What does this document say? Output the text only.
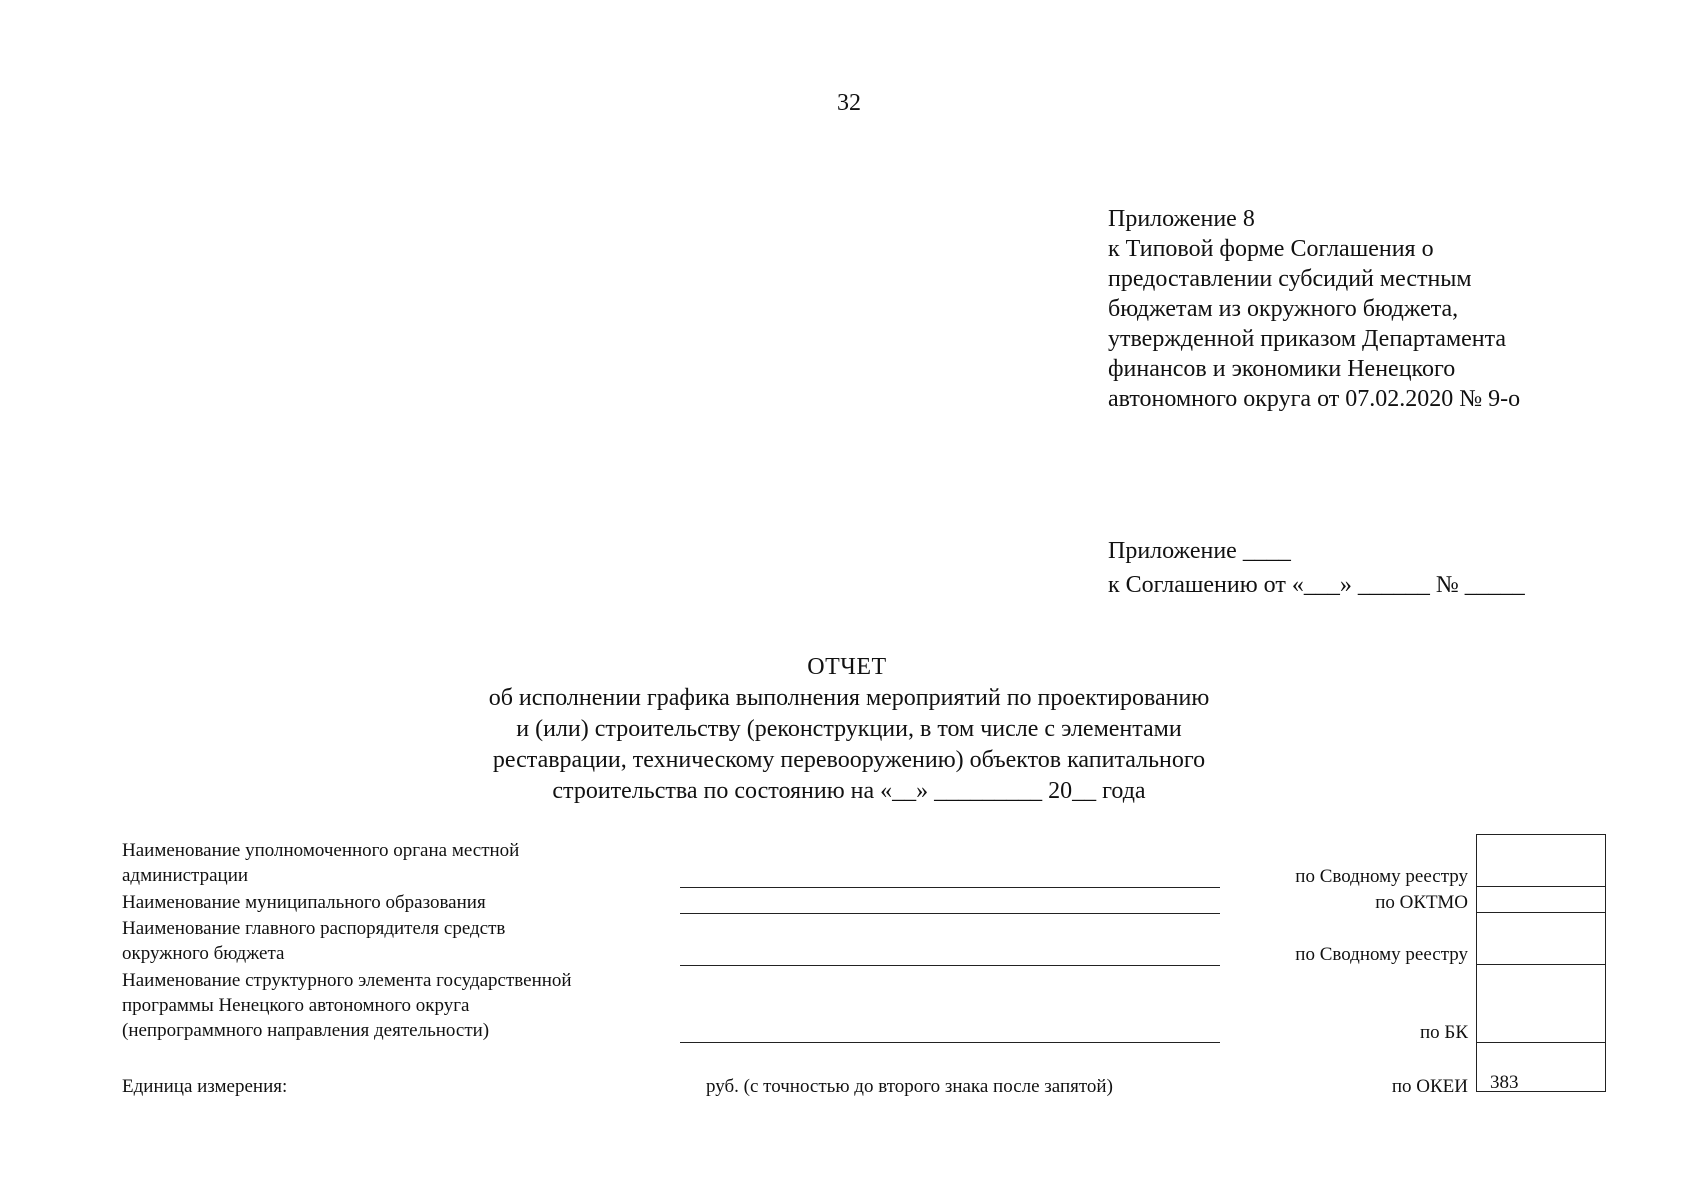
32
Приложение 8
к Типовой форме Соглашения о
предоставлении субсидий местным
бюджетам из окружного бюджета,
утвержденной приказом Департамента
финансов и экономики Ненецкого
автономного округа от 07.02.2020 № 9-о
Приложение ____
к Соглашению от «___» ______ № _____
ОТЧЕТ
об исполнении графика выполнения мероприятий по проектированию
и (или) строительству (реконструкции, в том числе с элементами
реставрации, техническому перевооружению) объектов капитального
строительства по состоянию на «__» _________ 20__ года
Наименование уполномоченного органа местной
администрации
Наименование муниципального образования
Наименование главного распорядителя средств
окружного бюджета
Наименование структурного элемента государственной
программы Ненецкого автономного округа
(непрограммного направления деятельности)
Единица измерения:	руб. (с точностью до второго знака после запятой)
по Сводному реестру
по ОКТМО
по Сводному реестру
по БК
по ОКЕИ 383
